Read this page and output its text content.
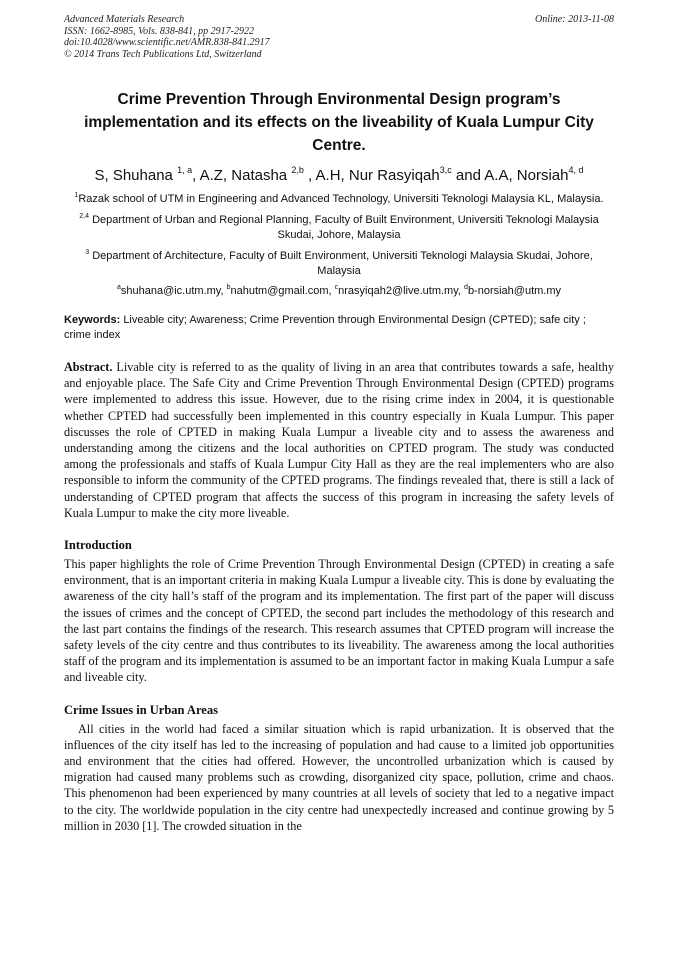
Advanced Materials Research
ISSN: 1662-8985, Vols. 838-841, pp 2917-2922
doi:10.4028/www.scientific.net/AMR.838-841.2917
© 2014 Trans Tech Publications Ltd, Switzerland
Online: 2013-11-08
Crime Prevention Through Environmental Design program’s implementation and its effects on the liveability of Kuala Lumpur City Centre.
S, Shuhana $^{1, a}$, A.Z, Natasha $^{2,b}$ , A.H, Nur Rasyiqah$^{3,c}$ and A.A, Norsiah$^{4, d}$
$^1$Razak school of UTM in Engineering and Advanced Technology, Universiti Teknologi Malaysia KL, Malaysia.
$^{2,4}$ Department of Urban and Regional Planning, Faculty of Built Environment, Universiti Teknologi Malaysia Skudai, Johore, Malaysia
$^3$ Department of Architecture, Faculty of Built Environment, Universiti Teknologi Malaysia Skudai, Johore, Malaysia
$^a$shuhana@ic.utm.my, $^b$nahutm@gmail.com, $^c$nrasyiqah2@live.utm.my, $^d$b-norsiah@utm.my
Keywords: Liveable city; Awareness; Crime Prevention through Environmental Design (CPTED); safe city ; crime index
Abstract. Livable city is referred to as the quality of living in an area that contributes towards a safe, healthy and enjoyable place. The Safe City and Crime Prevention Through Environmental Design (CPTED) programs were implemented to address this issue. However, due to the rising crime index in 2004, it is questionable whether CPTED had successfully been implemented in this country especially in Kuala Lumpur. This paper discusses the role of CPTED in making Kuala Lumpur a liveable city and to assess the awareness and understanding among the citizens and the local authorities on CPTED program. The study was conducted among the professionals and staffs of Kuala Lumpur City Hall as they are the real implementers who are also responsible to inform the community of the CPTED programs. The findings revealed that, there is still a lack of understanding of CPTED program that affects the success of this program in increasing the safety levels of Kuala Lumpur to make the city more liveable.
Introduction
This paper highlights the role of Crime Prevention Through Environmental Design (CPTED) in creating a safe environment, that is an important criteria in making Kuala Lumpur a liveable city. This is done by evaluating the awareness of the city hall’s staff of the program and its implementation. The first part of the paper will discuss the issues of crimes and the concept of CPTED, the second part includes the methodology of this research and the last part contains the findings of the research. This research assumes that CPTED program will increase the safety levels of the city centre and thus contributes to its liveability. The awareness among the local authorities staff of the program and its implementation is assumed to be an important factor in making Kuala Lumpur a safe and liveable city.
Crime Issues in Urban Areas
All cities in the world had faced a similar situation which is rapid urbanization. It is observed that the influences of the city itself has led to the increasing of population and had cause to a limited job opportunities and environment that the cities had offered. However, the uncontrolled urbanization which is caused by migration had caused many problems such as crowding, disorganized city space, pollution, crime and chaos. This phenomenon had been experienced by many countries at all levels of society that led to a negative impact to the city. The worldwide population in the city centre had unexpectedly increased and continue growing by 5 million in 2030 [1]. The crowded situation in the
